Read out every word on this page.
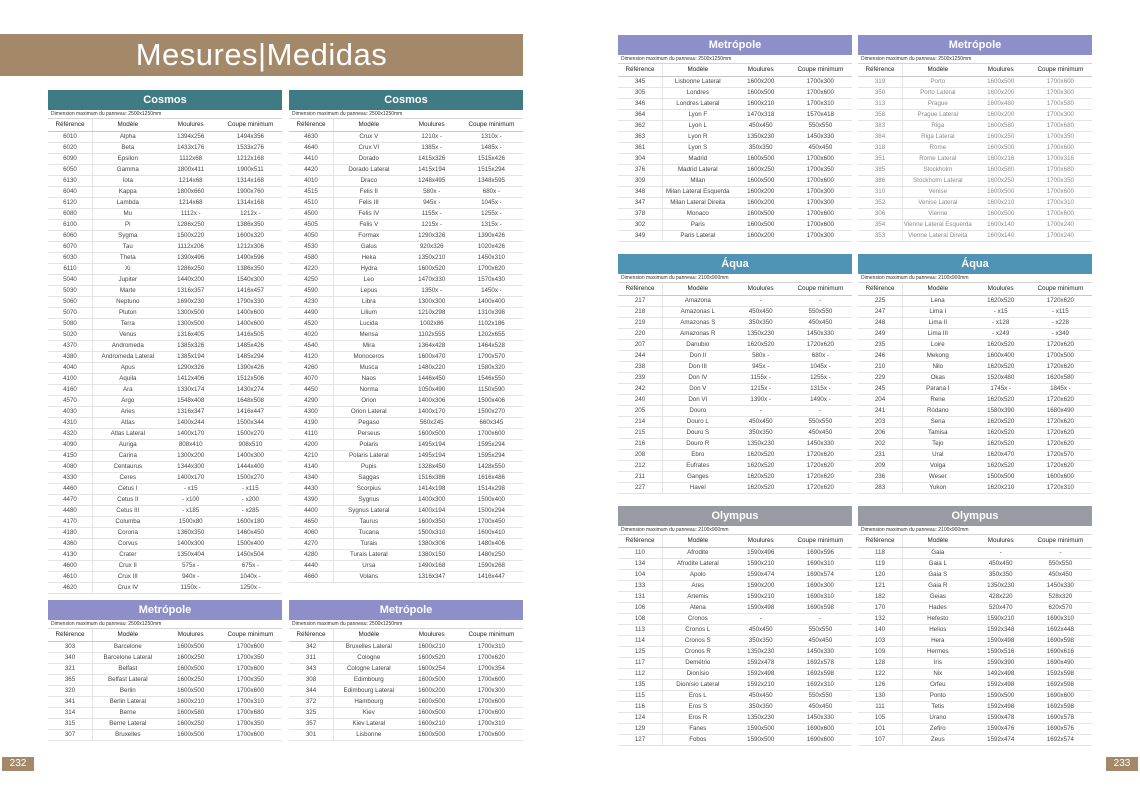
Mesures|Medidas
Cosmos
Dimension maximum du panneau: 2500x1250mm
Référence	Modèle	Moulures	Coupe minimum
6010	Alpha	1394x256	1494x356
6020	Beta	1433x176	1533x276
6090	Epsilon	1112x68	1212x168
6050	Gamma	1800x411	1900x511
6130	Iota	1214x68	1314x168
6040	Kappa	1800x660	1900x760
6120	Lambda	1214x68	1314x168
6080	Mu	1112x -	1212x -
6100	Pi	1286x250	1386x350
6060	Sygma	1500x220	1600x320
6070	Tau	1112x206	1212x306
6030	Theta	1390x496	1490x596
6110	Xi	1286x250	1386x350
5040	Jupiter	1440x200	1540x300
5030	Marte	1316x357	1416x457
5060	Neptuno	1690x230	1790x330
5070	Pluton	1300x500	1400x600
5080	Terra	1300x500	1400x600
5020	Venus	1316x405	1416x505
4370	Andromeda	1385x326	1485x426
4380	Andromeda Lateral	1385x194	1485x294
4040	Apus	1290x326	1390x426
4100	Aquila	1412x406	1512x506
4160	Ara	1330x174	1430x274
4570	Argo	1548x408	1648x508
4030	Aries	1316x347	1416x447
4310	Atlas	1400x244	1500x344
4320	Atlas Lateral	1400x170	1500x270
4090	Auriga	808x410	908x510
4150	Carina	1300x200	1400x300
4080	Centaurus	1344x300	1444x400
4330	Ceres	1400x170	1500x270
4460	Cetus I	- x15	- x115
4470	Cetus II	- x100	- x200
4480	Cetus III	- x185	- x285
4170	Columba	1500x80	1600x180
4180	Corona	1360x350	1460x450
4360	Corvus	1400x300	1500x400
4130	Crater	1350x404	1450x504
4600	Crux II	575x -	675x -
4610	Crux III	940x -	1040x -
4620	Crux IV	1150x -	1250x -
Cosmos
Dimension maximum du panneau: 2500x1250mm
Référence	Modèle	Moulures	Coupe minimum
4630	Crux V	1210x -	1310x -
4640	Crux VI	1385x -	1485x -
4410	Dorado	1415x326	1515x426
4420	Dorado Lateral	1415x194	1515x294
4010	Draco	1248x495	1348x595
4515	Felis II	580x -	680x -
4510	Felis III	945x -	1045x -
4500	Felis IV	1155x -	1255x -
4505	Felis V	1215x -	1315x -
4050	Formax	1290x326	1390x426
4530	Galus	920x326	1020x426
4580	Heka	1350x210	1450x310
4220	Hydra	1600x520	1700x620
4250	Leo	1470x330	1570x430
4590	Lepus	1350x -	1450x -
4230	Libra	1300x300	1400x400
4490	Lilium	1210x298	1310x398
4520	Lucida	1002x86	1102x186
4020	Mensa	1102x555	1202x655
4540	Mira	1364x428	1464x528
4120	Monoceros	1600x470	1700x570
4260	Musca	1480x220	1580x320
4070	Naos	1446x450	1546x550
4450	Norma	1050x490	1150x590
4290	Orion	1400x306	1500x406
4300	Orion Lateral	1400x170	1500x270
4190	Pegaso	560x245	660x345
4110	Perseus	1600x500	1700x600
4200	Polaris	1495x194	1595x294
4210	Polaris Lateral	1495x194	1595x294
4140	Pupis	1328x450	1428x550
4340	Saggas	1516x386	1616x486
4430	Scorpius	1414x198	1514x298
4390	Sygnus	1400x300	1500x400
4400	Sygnus Lateral	1400x194	1500x294
4650	Taurus	1600x350	1700x450
4060	Tucana	1500x310	1600x410
4270	Turais	1380x306	1480x406
4280	Turais Lateral	1380x150	1480x250
4440	Ursa	1490x168	1590x268
4660	Volans	1316x347	1416x447
Metrópole
Dimension maximum du panneau: 2500x1250mm
Référence	Modèle	Moulures	Coupe minimum
303	Barcelone	1600x500	1700x600
340	Barcelone Lateral	1600x250	1700x350
321	Belfast	1600x500	1700x600
365	Belfast Lateral	1600x250	1700x350
320	Berlin	1600x500	1700x600
341	Berlin Lateral	1600x210	1700x310
314	Berne	1600x580	1700x680
315	Berne Lateral	1600x250	1700x350
307	Bruxelles	1600x500	1700x600
Metrópole
Dimension maximum du panneau: 2500x1250mm
Référence	Modèle	Moulures	Coupe minimum
342	Bruxelles Lateral	1600x210	1700x310
311	Cologne	1600x520	1700x620
343	Cologne Lateral	1600x254	1700x354
308	Edimbourg	1600x500	1700x600
344	Edimbourg Lateral	1600x200	1700x300
372	Hambourg	1600x500	1700x600
325	Kiev	1600x500	1700x600
357	Kiev Lateral	1600x210	1700x310
301	Lisbonne	1600x500	1700x600
Metrópole
Dimension maximum du panneau: 2500x1250mm
Référence	Modèle	Moulures	Coupe minimum
345	Lisbonne Lateral	1600x200	1700x300
305	Londres	1600x500	1700x600
346	Londres Lateral	1600x210	1700x310
364	Lyon F	1470x318	1570x418
362	Lyon L	450x450	550x550
363	Lyon R	1350x230	1450x330
361	Lyon S	350x350	450x450
304	Madrid	1600x500	1700x600
376	Madrid Lateral	1600x250	1700x350
309	Milan	1600x500	1700x600
348	Milan Lateral Esquerda	1600x200	1700x300
347	Milan Lateral Direita	1600x200	1700x300
378	Monaco	1600x500	1700x600
302	Paris	1600x500	1700x600
349	Paris Lateral	1600x200	1700x300
Metrópole
Dimension maximum du panneau: 2500x1250mm
Référence	Modèle	Moulures	Coupe minimum
319	Porto	1600x500	1700x600
350	Porto Lateral	1600x200	1700x300
313	Prague	1600x480	1700x580
358	Prague Lateral	1600x200	1700x300
383	Riga	1600x580	1700x680
384	Riga Lateral	1600x250	1700x350
318	Rome	1600x500	1700x600
351	Rome Lateral	1600x216	1700x316
385	Stockholm	1600x580	1700x680
386	Stockholm Lateral	1600x250	1700x350
310	Venise	1600x500	1700x600
352	Venise Lateral	1600x210	1700x310
306	Vienne	1600x500	1700x600
354	Vienne Lateral Esquerda	1600x140	1700x240
353	Vienne Lateral Direita	1600x140	1700x240
Áqua
Dimension maximum du panneau: 2100x900mm
Référence	Modèle	Moulures	Coupe minimum
217	Amazona	-	-
218	Amazonas L	450x450	550x550
219	Amazonas S	350x350	450x450
220	Amazonas R	1350x230	1450x330
207	Danubio	1620x520	1720x620
244	Don II	580x -	680x -
238	Don III	945x -	1045x -
239	Don IV	1155x -	1255x -
242	Don V	1215x -	1315x -
240	Don VI	1390x -	1490x -
205	Douro	-	-
214	Douro L	450x450	550x550
215	Douro S	350x350	450x450
216	Douro R	1350x230	1450x330
208	Ebro	1620x520	1720x620
212	Eufrates	1620x520	1720x620
211	Ganges	1620x520	1720x620
227	Havel	1620x520	1720x620
Áqua
Dimension maximum du panneau: 2100x900mm
Référence	Modèle	Moulures	Coupe minimum
225	Lena	1620x520	1720x620
247	Lima I	- x15	- x115
248	Lima II	- x128	- x228
249	Lima III	- x249	- x349
235	Loire	1620x520	1720x620
246	Mekong	1600x400	1700x500
210	Nilo	1620x520	1720x620
229	Okas	1520x480	1620x580
245	Parana I	1745x -	1845x -
204	Rene	1620x520	1720x620
241	Ródano	1580x390	1680x490
203	Sena	1620x520	1720x620
206	Tamisa	1620x520	1720x620
202	Tejo	1620x520	1720x620
231	Ural	1620x470	1720x570
209	Volga	1620x520	1720x620
236	Weser	1500x500	1600x600
283	Yukon	1620x210	1720x310
Olympus
Dimension maximum du panneau: 2100x900mm
Référence	Modèle	Moulures	Coupe minimum
110	Afrodite	1590x496	1690x596
134	Afrodite Lateral	1590x210	1690x310
104	Apolo	1590x474	1690x574
133	Ares	1590x200	1690x300
131	Artemis	1590x210	1690x310
106	Atena	1590x498	1690x598
108	Cronos	-	-
113	Cronos L	450x450	550x550
114	Cronos S	350x350	450x450
125	Cronos R	1350x230	1450x330
117	Demétrio	1592x478	1692x578
112	Dionísio	1592x498	1692x598
135	Dionísio Lateral	1592x210	1692x310
115	Eros L	450x450	550x550
116	Eros S	350x350	450x450
124	Eros R	1350x230	1450x330
129	Fanes	1590x500	1690x600
127	Fobos	1590x500	1690x600
Olympus
Dimension maximum du panneau: 2100x900mm
Référence	Modèle	Moulures	Coupe minimum
118	Gaia	-	-
119	Gaia L	450x450	550x550
120	Gaia S	350x350	450x450
121	Gaia R	1350x230	1450x330
182	Geias	428x220	528x320
170	Hades	520x470	620x570
132	Hefesto	1590x210	1690x310
140	Helios	1592x348	1692x448
103	Hera	1590x498	1690x598
109	Hermes	1590x516	1690x616
128	Iris	1590x390	1690x490
122	Nix	1492x498	1592x598
126	Orfeu	1592x498	1692x598
130	Ponto	1590x500	1690x600
111	Tetis	1592x498	1692x598
105	Urano	1590x478	1690x578
101	Zefiro	1590x476	1690x576
107	Zeus	1592x474	1692x574
232	233
